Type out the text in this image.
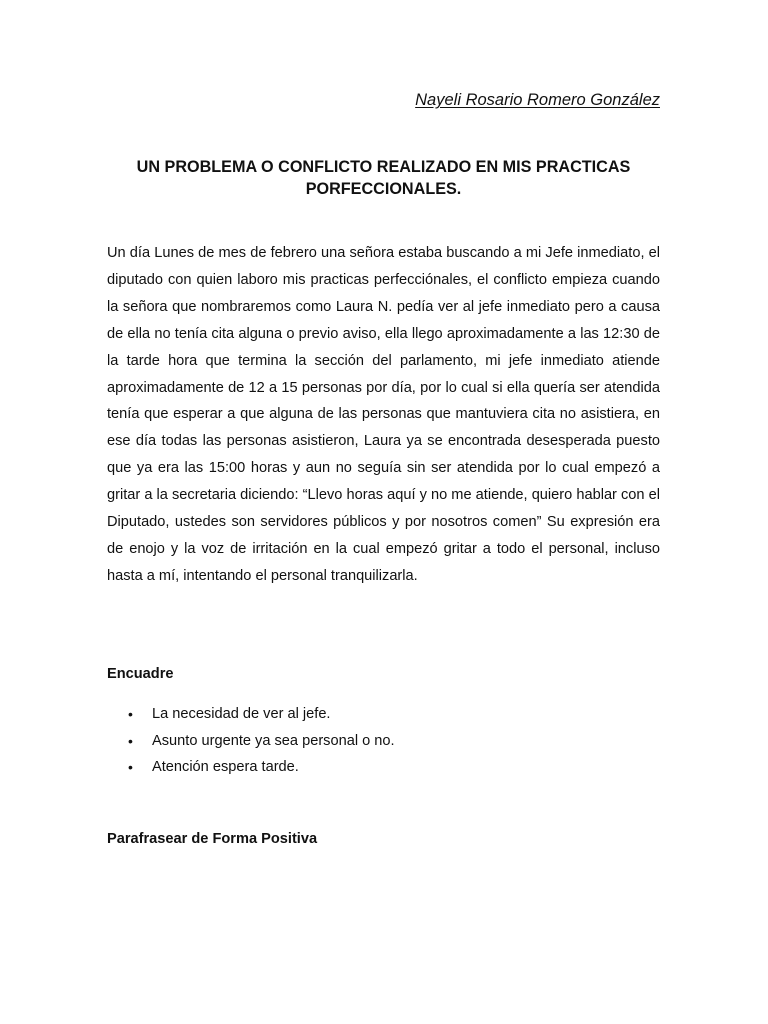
Nayeli Rosario Romero González
UN PROBLEMA O CONFLICTO REALIZADO EN MIS PRACTICAS PORFECCIONALES.

Un día Lunes de mes de febrero una señora estaba buscando a mi Jefe inmediato, el diputado con quien laboro mis practicas perfecciónales, el conflicto empieza cuando la señora que nombraremos como Laura N. pedía ver al jefe inmediato pero a causa de ella no tenía cita alguna o previo aviso, ella llego aproximadamente a las 12:30 de la tarde hora que termina la sección del parlamento, mi jefe inmediato atiende aproximadamente de 12 a 15 personas por día, por lo cual si ella quería ser atendida tenía que esperar a que alguna de las personas que mantuviera cita no asistiera, en ese día todas las personas asistieron, Laura ya se encontrada desesperada puesto que ya era las 15:00 horas y aun no seguía sin ser atendida por lo cual empezó a gritar a la secretaria diciendo: “Llevo horas aquí y no me atiende, quiero hablar con el Diputado, ustedes son servidores públicos y por nosotros comen” Su expresión era de enojo y la voz de irritación en la cual empezó gritar a todo el personal, incluso hasta a mí, intentando el personal tranquilizarla.

Encuadre
• La necesidad de ver al jefe.
• Asunto urgente ya sea personal o no.
• Atención espera tarde.
Parafrasear de Forma Positiva
